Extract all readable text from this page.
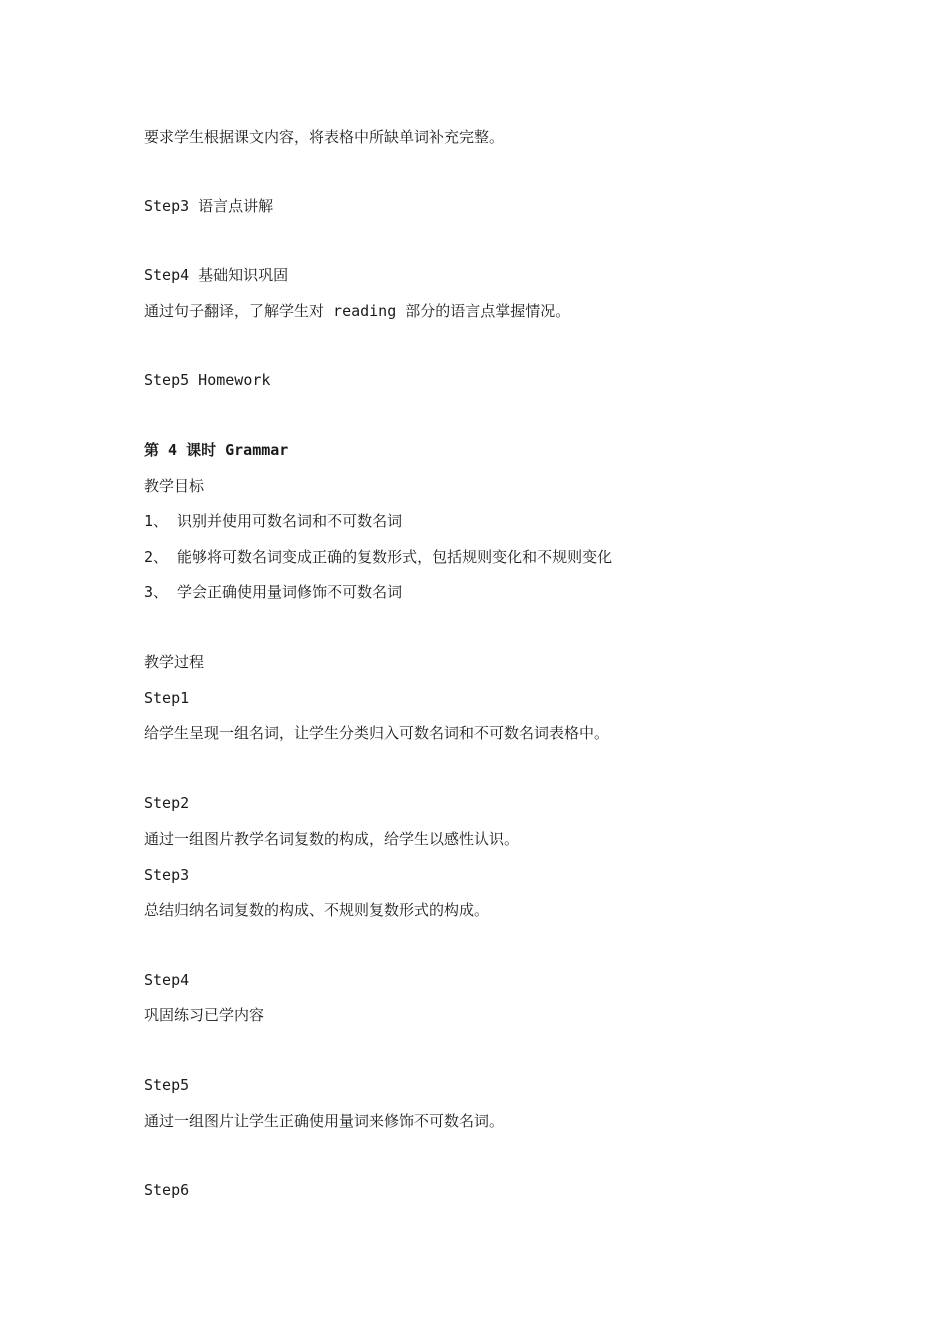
要求学生根据课文内容，将表格中所缺单词补充完整。
Step3 语言点讲解
Step4 基础知识巩固
通过句子翻译，了解学生对 reading 部分的语言点掌握情况。
Step5 Homework
第 4 课时 Grammar
教学目标
1、 识别并使用可数名词和不可数名词
2、 能够将可数名词变成正确的复数形式，包括规则变化和不规则变化
3、 学会正确使用量词修饰不可数名词
教学过程
Step1
给学生呈现一组名词，让学生分类归入可数名词和不可数名词表格中。
Step2
通过一组图片教学名词复数的构成，给学生以感性认识。
Step3
总结归纳名词复数的构成、不规则复数形式的构成。
Step4
巩固练习已学内容
Step5
通过一组图片让学生正确使用量词来修饰不可数名词。
Step6
